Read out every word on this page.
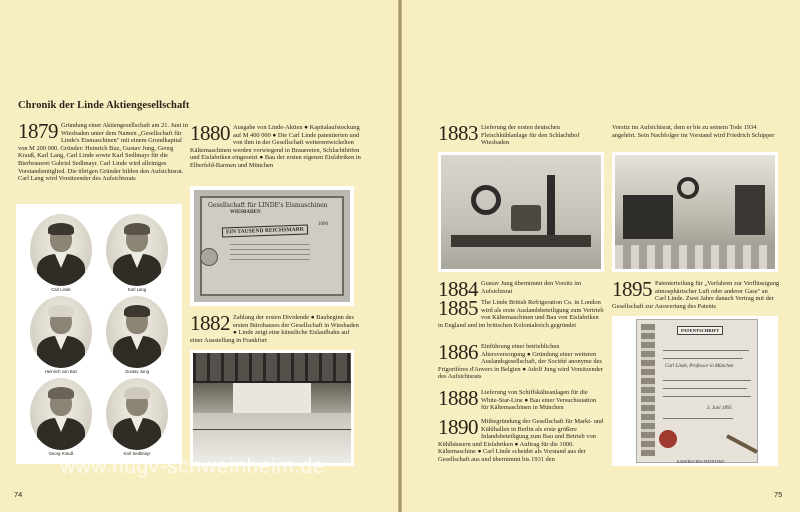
Chronik der Linde Aktiengesellschaft
1879 Gründung einer Aktiengesellschaft am 21. Juni in Wiesbaden unter dem Namen „Gesellschaft für Linde's Eismaschinen" mit einem Grundkapital von M 200 000. Gründer: Heinrich Buz, Gustav Jung, Georg Krauß, Karl Lang, Carl Linde sowie Karl Sedlmayr für die Bierbrauerei Gabriel Sedlmayr. Carl Linde wird alleiniges Vorstandsmitglied. Die übrigen Gründer bilden den Aufsichtsrat. Carl Lang wird Vorsitzender des Aufsichtsrats
Carl Linde	Karl Lang
Heinrich von Buz	Gustav Jung
Georg Krauß	Karl Sedlmayr
1880 Ausgabe von Linde-Aktien ● Kapitalaufstockung auf M 400 000 ● Die Carl Linde patentierten und von ihm in der Gesellschaft weiterentwickelten Kältemaschinen werden vorwiegend in Brauereien, Schlachthöfen und Eisfabriken eingesetzt ● Bau der ersten eigenen Eisfabriken in Elberfeld-Barmen und München
Gesellschaft für LINDE's Eismaschinen
WIESBADEN
1000
EIN TAUSEND REICHSMARK
1882 Zahlung der ersten Dividende ● Baubeginn des ersten Bürohauses der Gesellschaft in Wiesbaden ● Linde zeigt eine künstliche Eislaufbahn auf einer Ausstellung in Frankfurt
74
1883 Lieferung der ersten deutschen Fleischkühlanlage für den Schlachthof Wiesbaden
Vorsitz im Aufsichtsrat, dem er bis zu seinem Tode 1934 angehört. Sein Nachfolger im Vorstand wird Friedrich Schipper
1884 Gustav Jung übernimmt den Vorsitz im Aufsichtsrat
1885 The Linde British Refrigeration Co. in London wird als erste Auslandsbeteiligung zum Vertrieb von Kältemaschinen und Bau von Eisfabriken in England und im britischen Kolonialreich gegründet
1886 Einführung einer betrieblichen Altersversorgung ● Gründung einer weiteren Auslandsgesellschaft, der Société anonyme des Frigorifères d'Anvers in Belgien ● Adolf Jung wird Vorsitzender des Aufsichtsrats
1888 Lieferung von Schiffskälteanlagen für die White-Star-Line ● Bau einer Versuchsstation für Kältemaschinen in München
1890 Mitbegründung der Gesellschaft für Markt- und Kühlhallen in Berlin als erste größere Inlandsbeteiligung zum Bau und Betrieb von Kühlhäusern und Eisfabriken ● Auftrag für die 1000. Kältemaschine ● Carl Linde scheidet als Vorstand aus der Gesellschaft aus und übernimmt bis 1931 den
1895 Patenterteilung für „Verfahren zur Verflüssigung atmosphärischer Luft oder anderer Gase" an Carl Linde. Zwei Jahre danach Vertrag mit der Gesellschaft zur Auswertung des Patents
PATENTSCHRIFT
Carl Linde, Professor in München
3. Juni 1895
KAISERLICHES PATENTAMT
75
www.hugv-schweinheim.de
